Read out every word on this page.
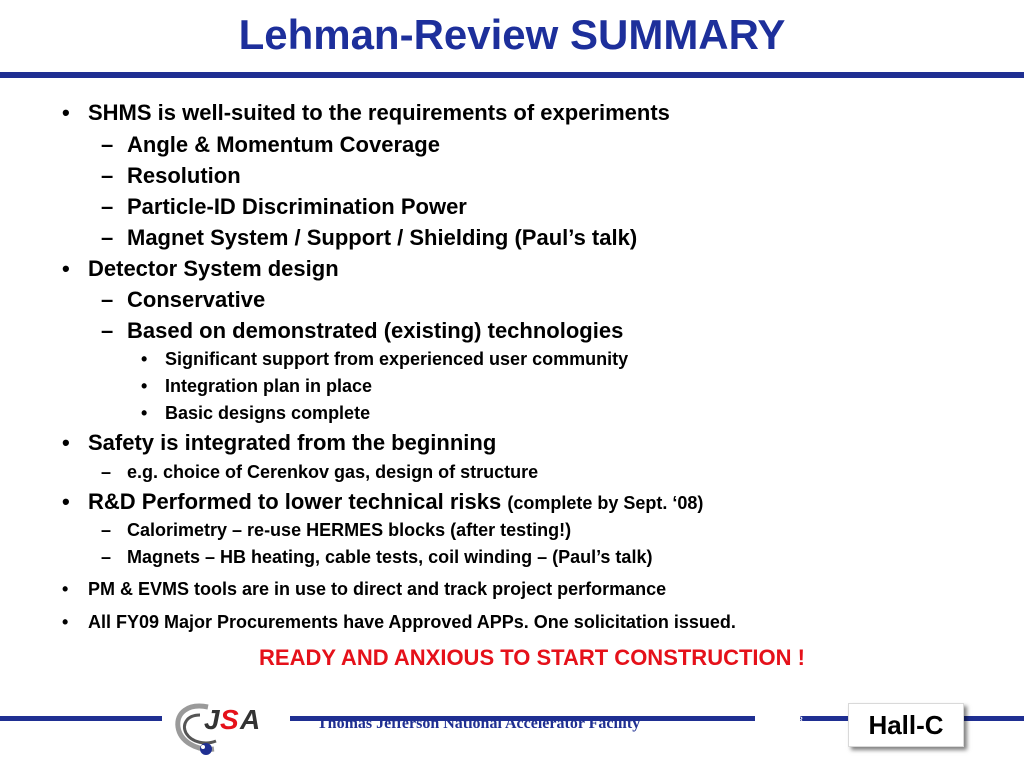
Lehman-Review SUMMARY
• SHMS is well-suited to the requirements of experiments
– Angle & Momentum Coverage
– Resolution
– Particle-ID Discrimination Power
– Magnet System / Support / Shielding (Paul’s talk)
• Detector System design
– Conservative
– Based on demonstrated (existing) technologies
• Significant support from experienced user community
• Integration plan in place
• Basic designs complete
• Safety is integrated from the beginning
– e.g. choice of Cerenkov gas, design of structure
• R&D Performed to lower technical risks (complete by Sept. ‘08)
– Calorimetry – re-use HERMES blocks (after testing!)
– Magnets – HB heating, cable tests, coil winding – (Paul’s talk)
• PM & EVMS tools are in use to direct and track project performance
• All FY09 Major Procurements have Approved APPs. One solicitation issued.
READY AND ANXIOUS TO START CONSTRUCTION !
J S A	Thomas Jefferson National Accelerator Facility	Page 38	Hall-C
